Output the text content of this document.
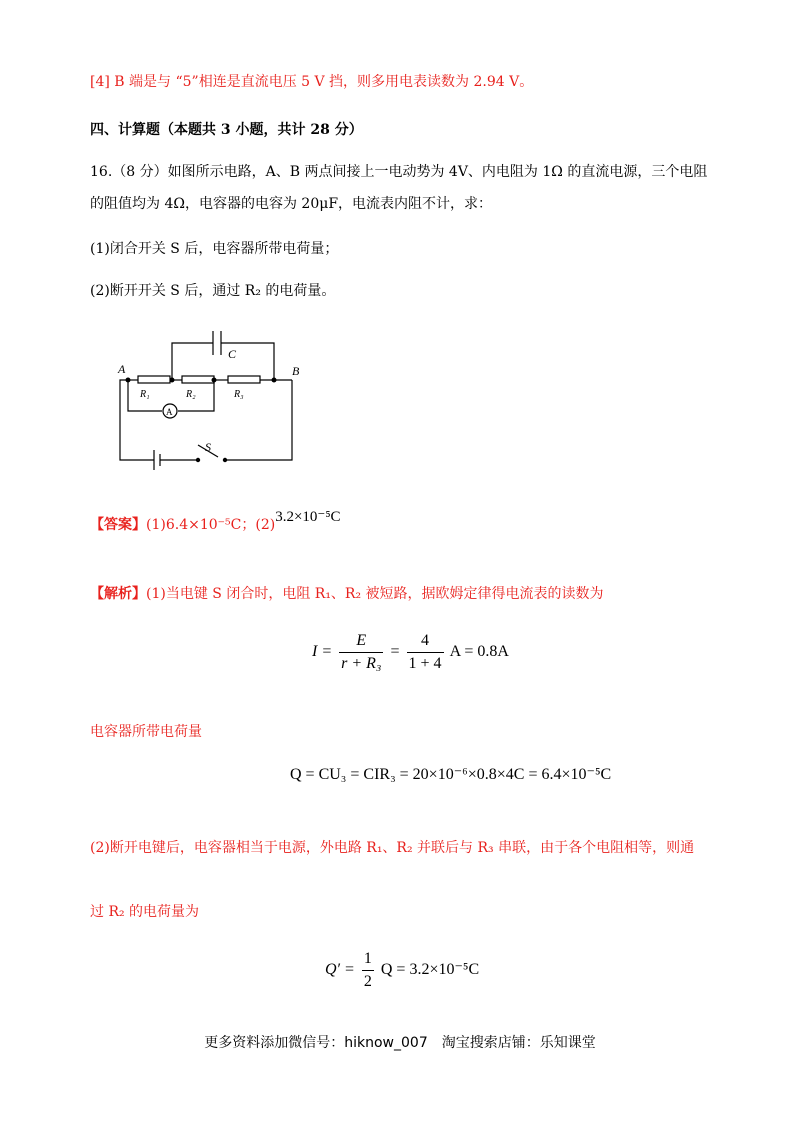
[4] B 端是与 “5”相连是直流电压 5 V 挡，则多用电表读数为 2.94 V。
四、计算题（本题共 3 小题，共计 28 分）
16.（8 分）如图所示电路，A、B 两点间接上一电动势为 4V、内电阻为 1Ω 的直流电源，三个电阻
的阻值均为 4Ω，电容器的电容为 20μF，电流表内阻不计，求：
(1)闭合开关 S 后，电容器所带电荷量；
(2)断开开关 S 后，通过 R₂ 的电荷量。
A	B
C
S
R₁	R₂	R₃
A
【答案】(1)6.4×10⁻⁵C；(2)3.2×10⁻⁵C
【解析】(1)当电键 S 闭合时，电阻 R₁、R₂ 被短路，据欧姆定律得电流表的读数为
$I = \frac{E}{\text{r + R₃}} = \frac{4}{1 + 4}$ A = 0.8A
电容器所带电荷量
Q = CU₃ = CIR₃ = 20×10⁻⁶×0.8×4C = 6.4×10⁻⁵C
(2)断开电键后，电容器相当于电源，外电路 R₁、R₂ 并联后与 R₃ 串联，由于各个电阻相等，则通
过 R₂ 的电荷量为
$Q' = \frac{1}{2}$ Q = 3.2×10⁻⁵C
更多资料添加微信号：hiknow_007　淘宝搜索店铺：乐知课堂
